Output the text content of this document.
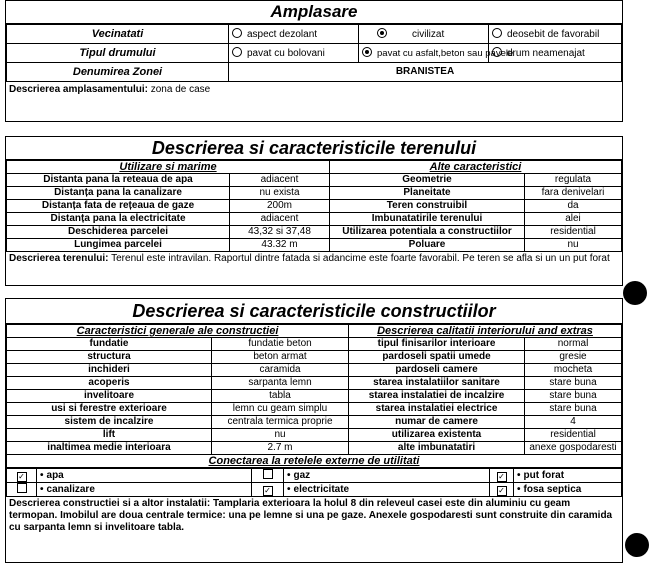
Amplasare
Vecinatati	aspect dezolant	civilizat	deosebit de favorabil
Tipul drumului	pavat cu bolovani	pavat cu asfalt,beton sau pavele	drum neamenajat
Denumirea Zonei	BRANISTEA		
Descrierea amplasamentului: zona de case
Descrierea si caracteristicile terenului
Utilizare si marime		Alte caracteristici	
Distanta pana la reteaua de apa	adiacent	Geometrie	regulata
Distanța pana la canalizare	nu exista	Planeitate	fara denivelari
Distanța fata de rețeaua de gaze	200m	Teren construibil	da
Distanța pana la electricitate	adiacent	Imbunatatirile terenului	alei
Deschiderea parcelei	43,32 si 37,48	Utilizarea potentiala a constructiilor	residential
Lungimea parcelei	43.32 m	Poluare	nu
Descrierea terenului: Terenul este intravilan. Raportul dintre fatada si adancime este foarte favorabil. Pe teren se afla si un un put forat
Descrierea si caracteristicile constructiilor
Caracteristici generale ale constructiei		Descrierea calitatii interiorului and extras	
fundatie	fundatie beton	tipul finisarilor interioare	normal
structura	beton armat	pardoseli spatii umede	gresie
inchideri	caramida	pardoseli camere	mocheta
acoperis	sarpanta lemn	starea instalatiilor sanitare	stare buna
invelitoare	tabla	starea instalatiei de incalzire	stare buna
usi si ferestre exterioare	lemn cu geam simplu	starea instalatiei electrice	stare buna
sistem de incalzire	centrala termica proprie	numar de camere	4
lift	nu	utilizarea existenta	residential
inaltimea medie interioara	2.7 m	alte imbunatatiri	anexe gospodaresti
Conectarea la retelele externe de utilitati			
✓	• apa		• gaz	✓	• put forat
	• canalizare	✓	• electricitate	✓	• fosa septica
Descrierea constructiei si a altor instalatii: Tamplaria exterioara la holul 8 din releveul casei este din aluminiu cu geam termopan. Imobilul are doua centrale termice: una pe lemne si una pe gaze. Anexele gospodaresti sunt construite din caramida cu sarpanta lemn si invelitoare tabla.
